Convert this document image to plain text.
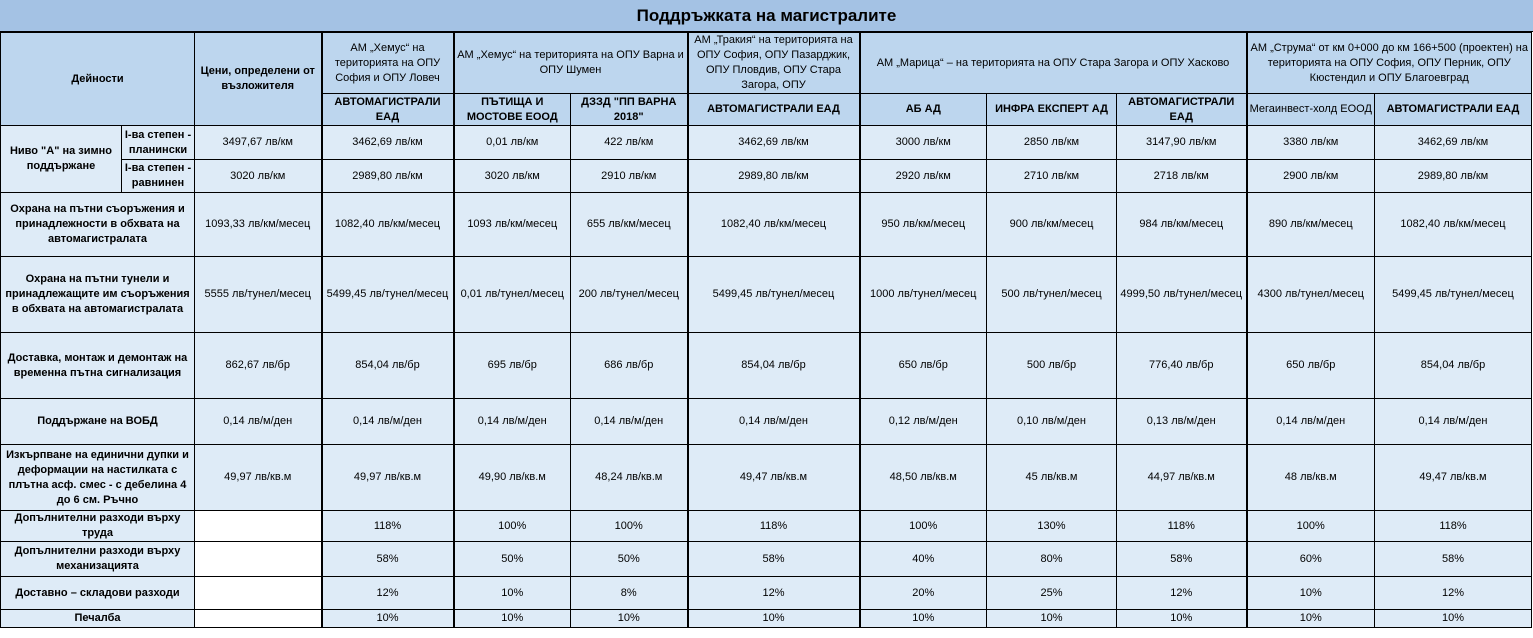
Поддръжката на магистралите
Дейности		Цени, определени от възложителя	АМ „Хемус“ на територията на ОПУ София и ОПУ Ловеч	АМ „Хемус“ на територията на ОПУ Варна и ОПУ Шумен		АМ „Тракия“ на територията на ОПУ София, ОПУ Пазарджик, ОПУ Пловдив, ОПУ Стара Загора, ОПУ	АМ „Марица“ – на територията на ОПУ Стара Загора и ОПУ Хасково			АМ „Струма“ от км 0+000 до км 166+500 (проектен) на територията на ОПУ София, ОПУ Перник, ОПУ Кюстендил и ОПУ Благоевград	
			АВТОМАГИСТРАЛИ ЕАД	ПЪТИЩА И МОСТОВЕ ЕООД	ДЗЗД "ПП ВАРНА 2018"	АВТОМАГИСТРАЛИ ЕАД	АБ АД	ИНФРА ЕКСПЕРТ АД	АВТОМАГИСТРАЛИ ЕАД	Мегаинвест-холд ЕООД	АВТОМАГИСТРАЛИ ЕАД
Ниво "А" на зимно поддържане	I-ва степен - планински	3497,67 лв/км	3462,69 лв/км	0,01 лв/км	422 лв/км	3462,69 лв/км	3000 лв/км	2850 лв/км	3147,90 лв/км	3380 лв/км	3462,69 лв/км
	I-ва степен - равнинен	3020 лв/км	2989,80 лв/км	3020 лв/км	2910 лв/км	2989,80 лв/км	2920 лв/км	2710 лв/км	2718 лв/км	2900 лв/км	2989,80 лв/км
Охрана на пътни съоръжения и принадлежности в обхвата на автомагистралата		1093,33 лв/км/месец	1082,40 лв/км/месец	1093 лв/км/месец	655 лв/км/месец	1082,40 лв/км/месец	950 лв/км/месец	900 лв/км/месец	984 лв/км/месец	890 лв/км/месец	1082,40 лв/км/месец
Охрана на пътни тунели и принадлежащите им съоръжения в обхвата на автомагистралата		5555 лв/тунел/месец	5499,45 лв/тунел/месец	0,01 лв/тунел/месец	200 лв/тунел/месец	5499,45 лв/тунел/месец	1000 лв/тунел/месец	500 лв/тунел/месец	4999,50 лв/тунел/месец	4300 лв/тунел/месец	5499,45 лв/тунел/месец
Доставка, монтаж и демонтаж на временна пътна сигнализация		862,67 лв/бр	854,04 лв/бр	695 лв/бр	686 лв/бр	854,04 лв/бр	650 лв/бр	500 лв/бр	776,40 лв/бр	650 лв/бр	854,04 лв/бр
Поддържане на ВОБД		0,14 лв/м/ден	0,14 лв/м/ден	0,14 лв/м/ден	0,14 лв/м/ден	0,14 лв/м/ден	0,12 лв/м/ден	0,10 лв/м/ден	0,13 лв/м/ден	0,14 лв/м/ден	0,14 лв/м/ден
Изкърпване на единични дупки и деформации на настилката с плътна асф. смес - с дебелина 4 до 6 см. Ръчно		49,97 лв/кв.м	49,97 лв/кв.м	49,90 лв/кв.м	48,24 лв/кв.м	49,47 лв/кв.м	48,50 лв/кв.м	45 лв/кв.м	44,97 лв/кв.м	48 лв/кв.м	49,47 лв/кв.м
Допълнителни разходи върху труда			118%	100%	100%	118%	100%	130%	118%	100%	118%
Допълнителни разходи върху механизацията			58%	50%	50%	58%	40%	80%	58%	60%	58%
Доставно – складови разходи			12%	10%	8%	12%	20%	25%	12%	10%	12%
Печалба			10%	10%	10%	10%	10%	10%	10%	10%	10%
